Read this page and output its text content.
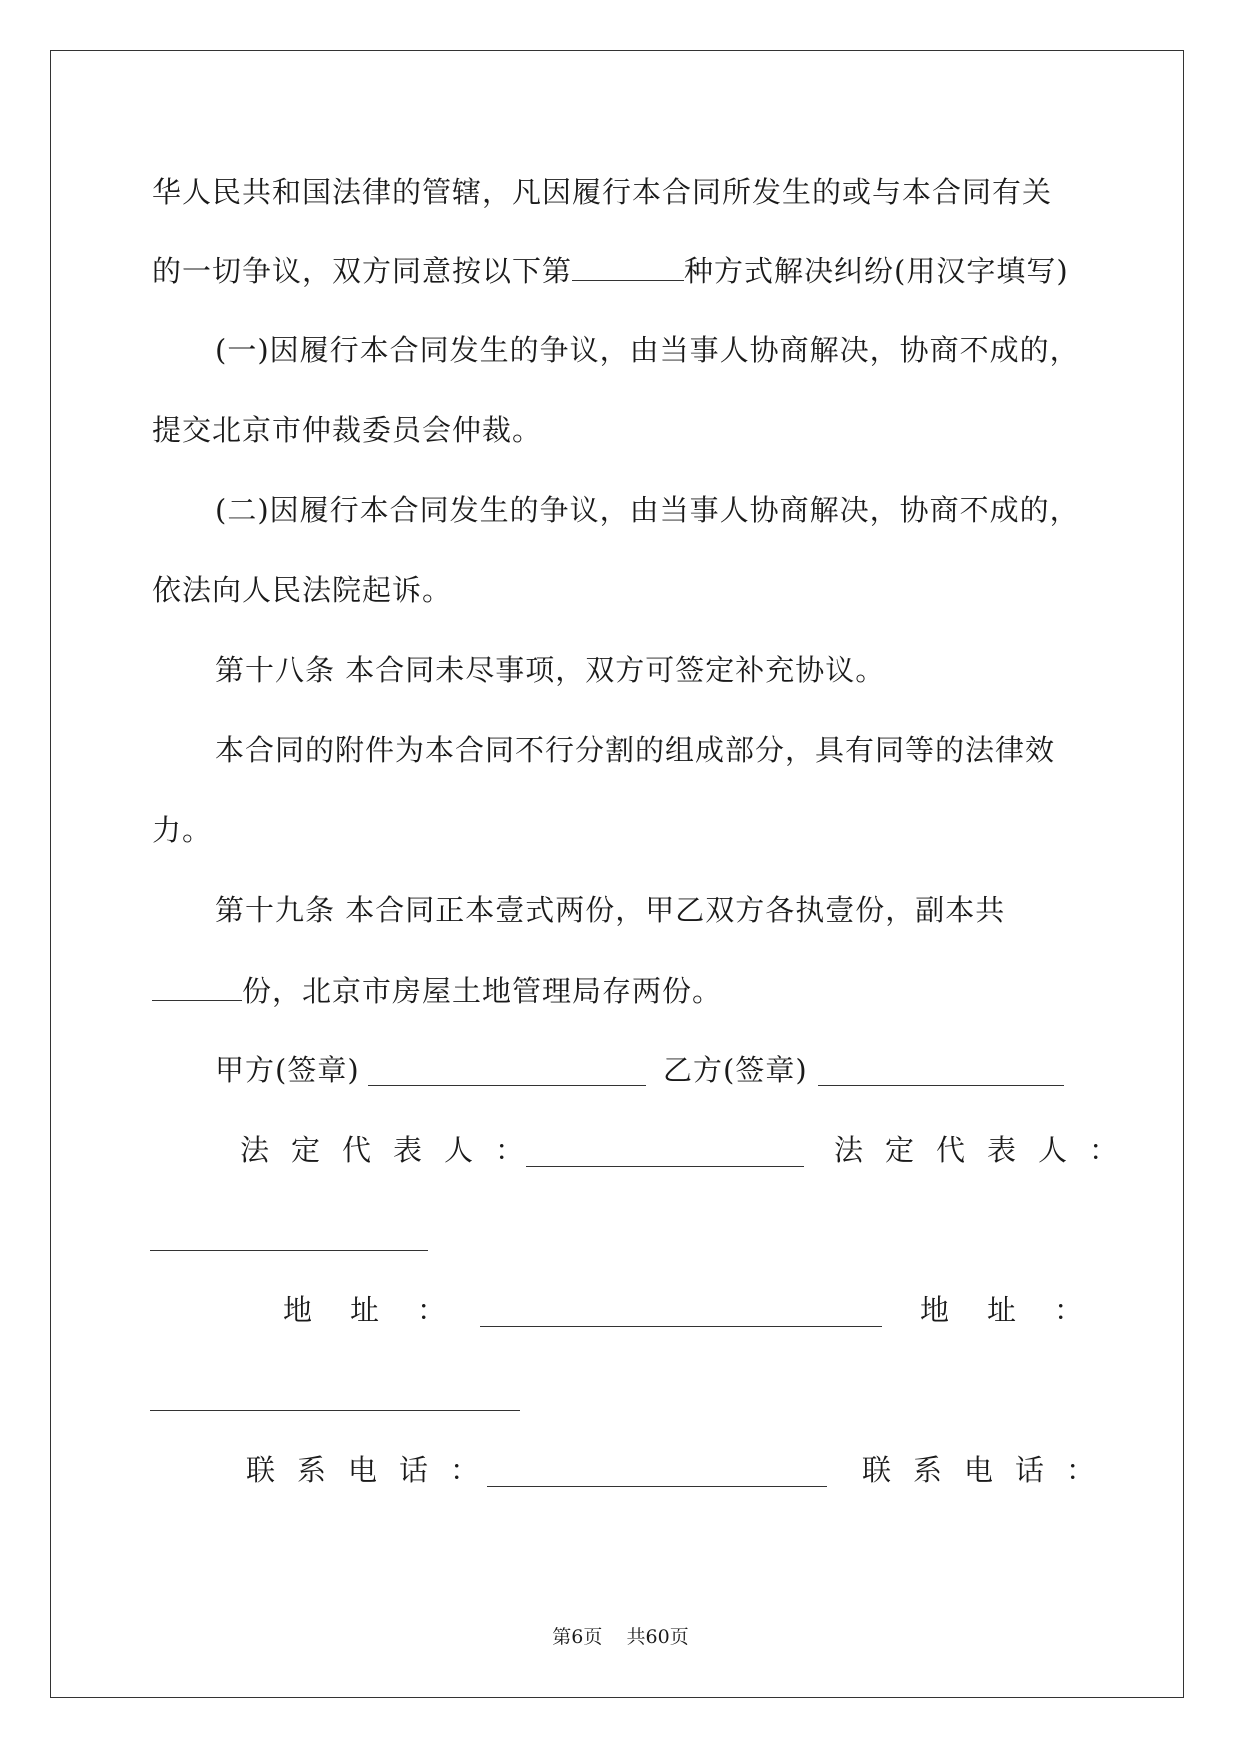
华人民共和国法律的管辖，凡因履行本合同所发生的或与本合同有关
的一切争议，双方同意按以下第	种方式解决纠纷(用汉字填写)
(一)因履行本合同发生的争议，由当事人协商解决，协商不成的，
提交北京市仲裁委员会仲裁。
(二)因履行本合同发生的争议，由当事人协商解决，协商不成的，
依法向人民法院起诉。
第十八条 本合同未尽事项，双方可签定补充协议。
本合同的附件为本合同不行分割的组成部分，具有同等的法律效
力。
第十九条 本合同正本壹式两份，甲乙双方各执壹份，副本共
份，北京市房屋土地管理局存两份。
甲方(签章)	乙方(签章)
法定代表人：	法定代表人：
地址：	地址：
联系电话：	联系电话：
第6页    共60页
